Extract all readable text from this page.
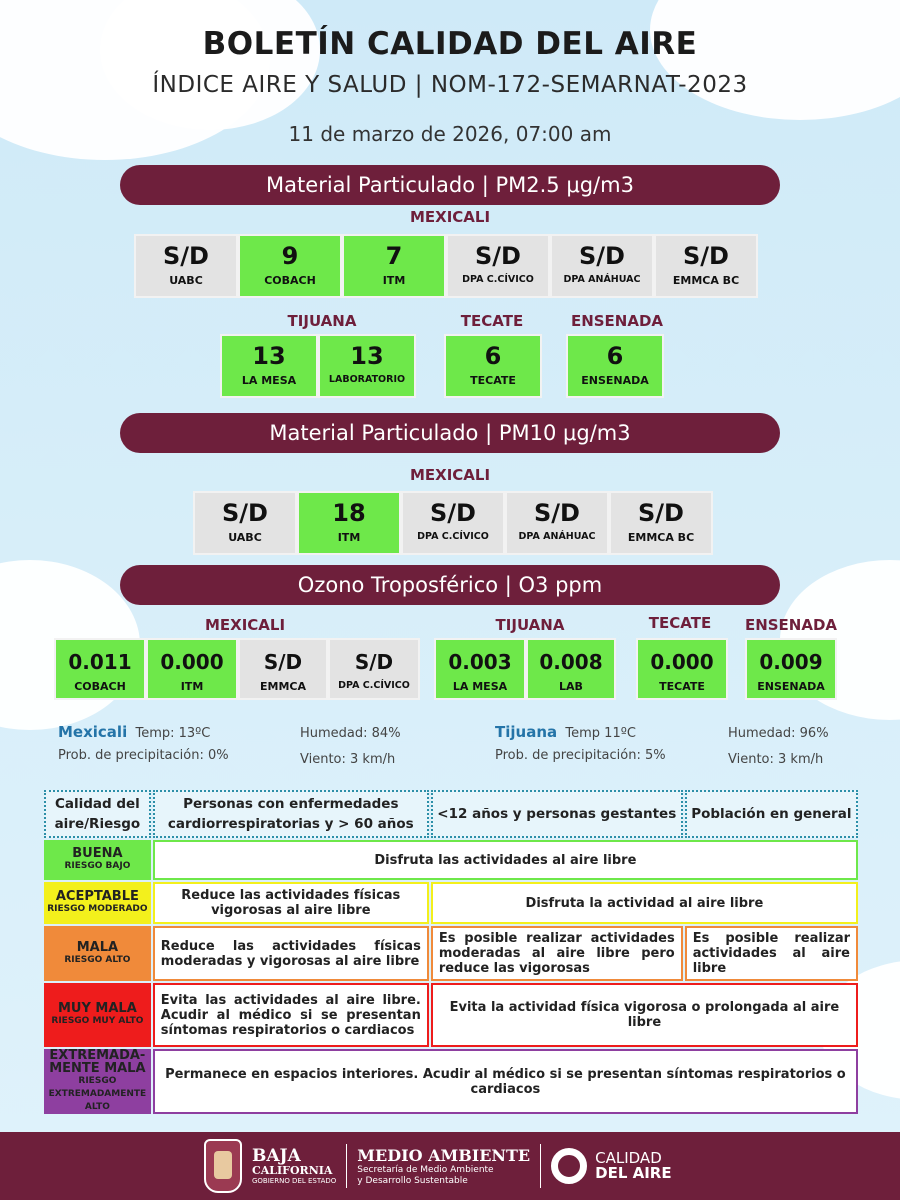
BOLETÍN CALIDAD DEL AIRE
ÍNDICE AIRE Y SALUD | NOM-172-SEMARNAT-2023
11 de marzo de 2026, 07:00 am
Material Particulado | PM2.5 μg/m3
MEXICALI
S/D
UABC
9
COBACH
7
ITM
S/D
DPA C.CÍVICO
S/D
DPA ANÁHUAC
S/D
EMMCA BC
TIJUANA	TECATE	ENSENADA
13
LA MESA
13
LABORATORIO
6
TECATE
6
ENSENADA
Material Particulado | PM10 μg/m3
MEXICALI
S/D
UABC
18
ITM
S/D
DPA C.CÍVICO
S/D
DPA ANÁHUAC
S/D
EMMCA BC
Ozono Troposférico | O3 ppm
MEXICALI	TIJUANA	TECATE	ENSENADA
0.011
COBACH
0.000
ITM
S/D
EMMCA
S/D
DPA C.CÍVICO
0.003
LA MESA
0.008
LAB
0.000
TECATE
0.009
ENSENADA
Mexicali Temp: 13ºC
Prob. de precipitación: 0%
Humedad: 84%
Viento: 3 km/h
Tijuana Temp 11ºC
Prob. de precipitación: 5%
Humedad: 96%
Viento: 3 km/h
Calidad del aire/Riesgo	Personas con enfermedades cardiorrespiratorias y > 60 años	<12 años y personas gestantes	Población en general
BUENA
RIESGO BAJO	Disfruta las actividades al aire libre		
ACEPTABLE
RIESGO MODERADO	Reduce las actividades físicas vigorosas al aire libre	Disfruta la actividad al aire libre	
MALA
RIESGO ALTO	Reduce las actividades físicas moderadas y vigorosas al aire libre	Es posible realizar actividades moderadas al aire libre pero reduce las vigorosas	Es posible realizar actividades al aire libre
MUY MALA
RIESGO MUY ALTO	Evita las actividades al aire libre. Acudir al médico si se presentan síntomas respiratorios o cardiacos	Evita la actividad física vigorosa o prolongada al aire libre	
EXTREMADA-MENTE MALA
RIESGO EXTREMADAMENTE ALTO	Permanece en espacios interiores. Acudir al médico si se presentan síntomas respiratorios o cardiacos		
BAJA
CALIFORNIA
GOBIERNO DEL ESTADO
MEDIO AMBIENTE
Secretaría de Medio Ambiente
y Desarrollo Sustentable
CALIDAD
DEL AIRE
